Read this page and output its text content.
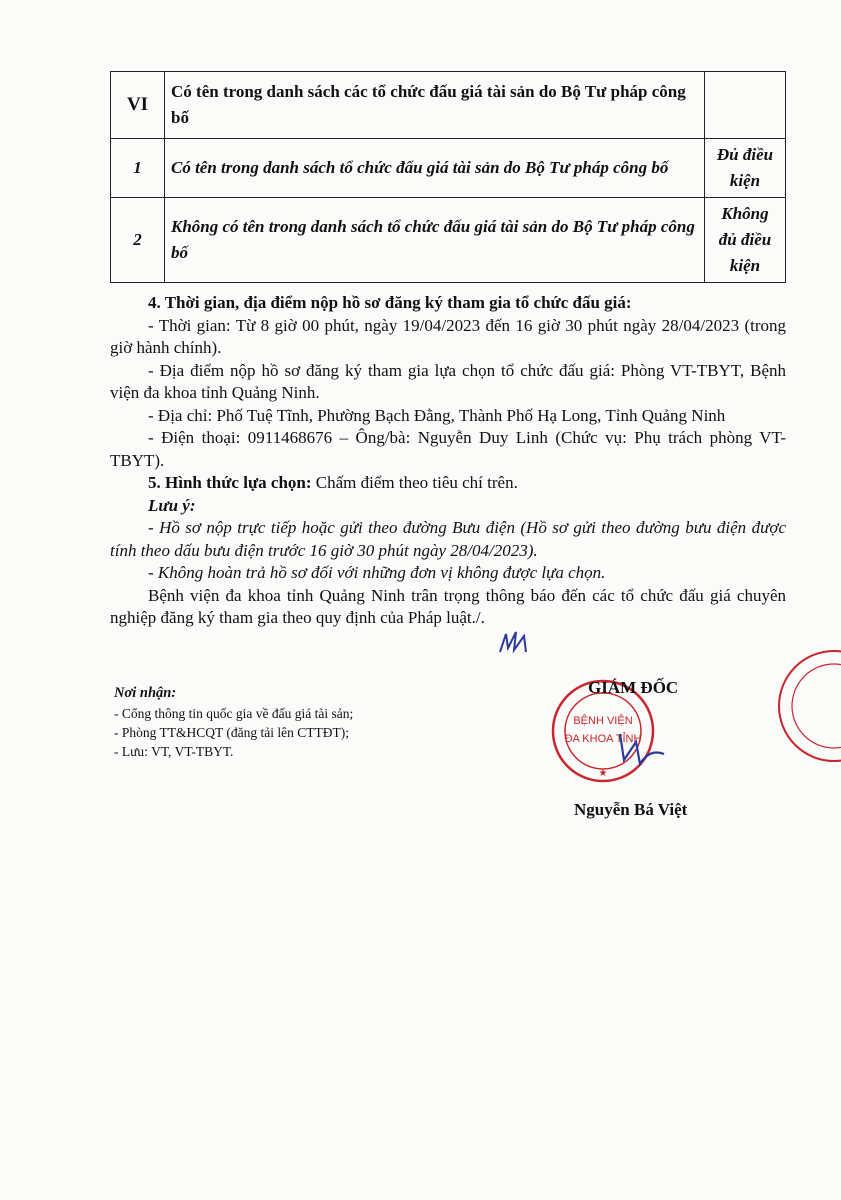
VI	Có tên trong danh sách các tổ chức đấu giá tài sản do Bộ Tư pháp công bố	
1	Có tên trong danh sách tổ chức đấu giá tài sản do Bộ Tư pháp công bố	Đủ điều kiện
2	Không có tên trong danh sách tổ chức đấu giá tài sản do Bộ Tư pháp công bố	Không đủ điều kiện

4. Thời gian, địa điểm nộp hồ sơ đăng ký tham gia tổ chức đấu giá:

- Thời gian: Từ 8 giờ 00 phút, ngày 19/04/2023 đến 16 giờ 30 phút ngày 28/04/2023 (trong giờ hành chính).

- Địa điểm nộp hồ sơ đăng ký tham gia lựa chọn tổ chức đấu giá: Phòng VT-TBYT, Bệnh viện đa khoa tỉnh Quảng Ninh.

- Địa chỉ: Phố Tuệ Tĩnh, Phường Bạch Đằng, Thành Phố Hạ Long, Tỉnh Quảng Ninh

- Điện thoại: 0911468676 – Ông/bà: Nguyễn Duy Linh (Chức vụ: Phụ trách phòng VT-TBYT).

5. Hình thức lựa chọn: Chấm điểm theo tiêu chí trên.

Lưu ý:

- Hồ sơ nộp trực tiếp hoặc gửi theo đường Bưu điện (Hồ sơ gửi theo đường bưu điện được tính theo dấu bưu điện trước 16 giờ 30 phút ngày 28/04/2023).

- Không hoàn trả hồ sơ đối với những đơn vị không được lựa chọn.

Bệnh viện đa khoa tỉnh Quảng Ninh trân trọng thông báo đến các tổ chức đấu giá chuyên nghiệp đăng ký tham gia theo quy định của Pháp luật./.

Nơi nhận:
- Cổng thông tin quốc gia về đấu giá tài sản;
- Phòng TT&HCQT (đăng tải lên CTTĐT);
- Lưu: VT, VT-TBYT.
BỆNH VIỆN
ĐA KHOA TỈNH
★
GIÁM ĐỐC
Nguyễn Bá Việt
